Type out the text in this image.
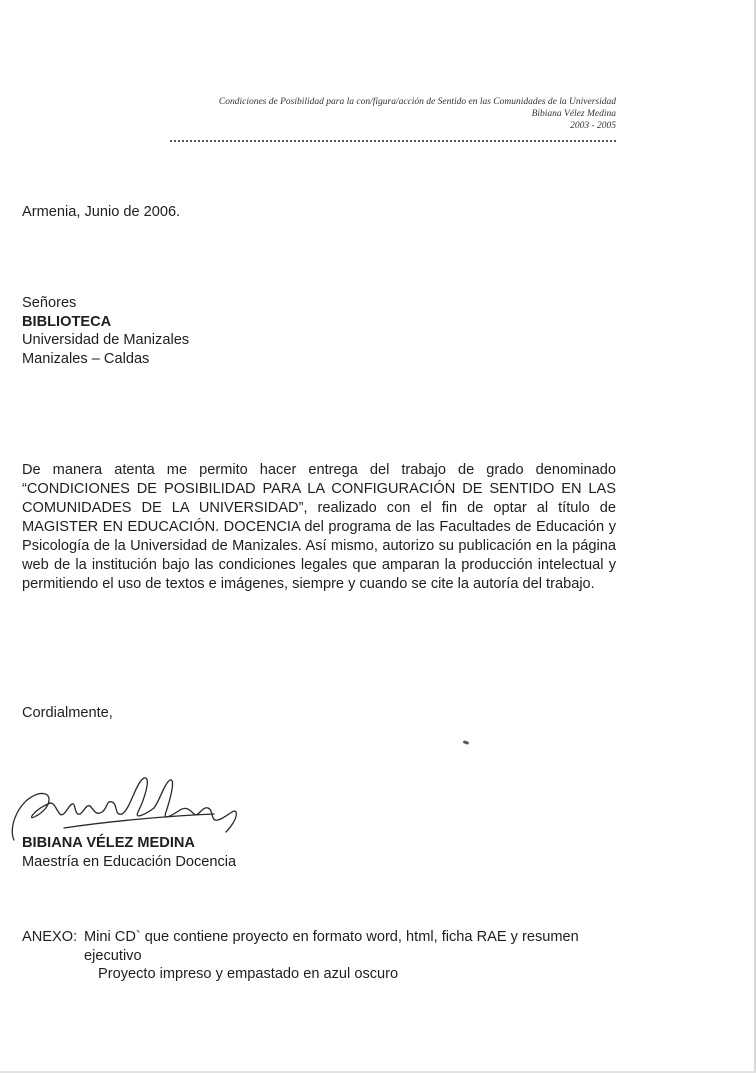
Condiciones de Posibilidad para la con/figura/acción de Sentido en las Comunidades de la Universidad
Bibiana Vélez Medina
2003 - 2005
Armenia, Junio de 2006.
Señores
BIBLIOTECA
Universidad de Manizales
Manizales – Caldas
De manera atenta me permito hacer entrega del trabajo de grado denominado “CONDICIONES DE POSIBILIDAD PARA LA CONFIGURACIÓN DE SENTIDO EN LAS COMUNIDADES DE LA UNIVERSIDAD”, realizado con el fin de optar al título de MAGISTER EN EDUCACIÓN. DOCENCIA del programa de las Facultades de Educación y Psicología de la Universidad de Manizales. Así mismo, autorizo su publicación en la página web de la institución bajo las condiciones legales que amparan la producción intelectual y permitiendo el uso de textos e imágenes, siempre y cuando se cite la autoría del trabajo.
Cordialmente,
BIBIANA VÉLEZ MEDINA
Maestría en Educación Docencia
ANEXO: Mini CD` que contiene proyecto en formato word, html, ficha RAE y resumen ejecutivo
Proyecto impreso y empastado en azul oscuro
